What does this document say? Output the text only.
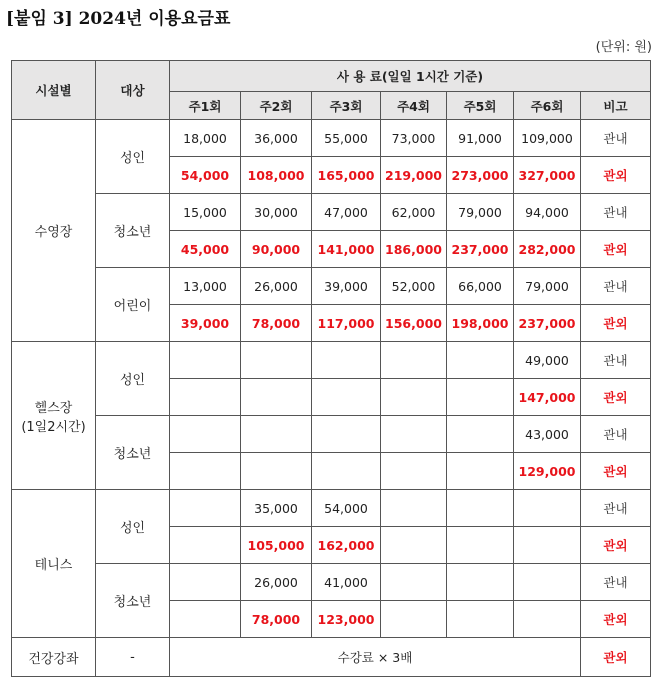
[붙임 3] 2024년 이용요금표
(단위: 원)
시설별	대상	사 용 료(일일 1시간 기준)						
		주1회	주2회	주3회	주4회	주5회	주6회	비고
수영장	성인	18,000	36,000	55,000	73,000	91,000	109,000	관내
		54,000	108,000	165,000	219,000	273,000	327,000	관외
	청소년	15,000	30,000	47,000	62,000	79,000	94,000	관내
		45,000	90,000	141,000	186,000	237,000	282,000	관외
	어린이	13,000	26,000	39,000	52,000	66,000	79,000	관내
		39,000	78,000	117,000	156,000	198,000	237,000	관외
헬스장
(1일2시간)	성인						49,000	관내
							147,000	관외
	청소년						43,000	관내
							129,000	관외
테니스	성인		35,000	54,000				관내
			105,000	162,000				관외
	청소년		26,000	41,000				관내
			78,000	123,000				관외
건강강좌	-	수강료 × 3배						관외
